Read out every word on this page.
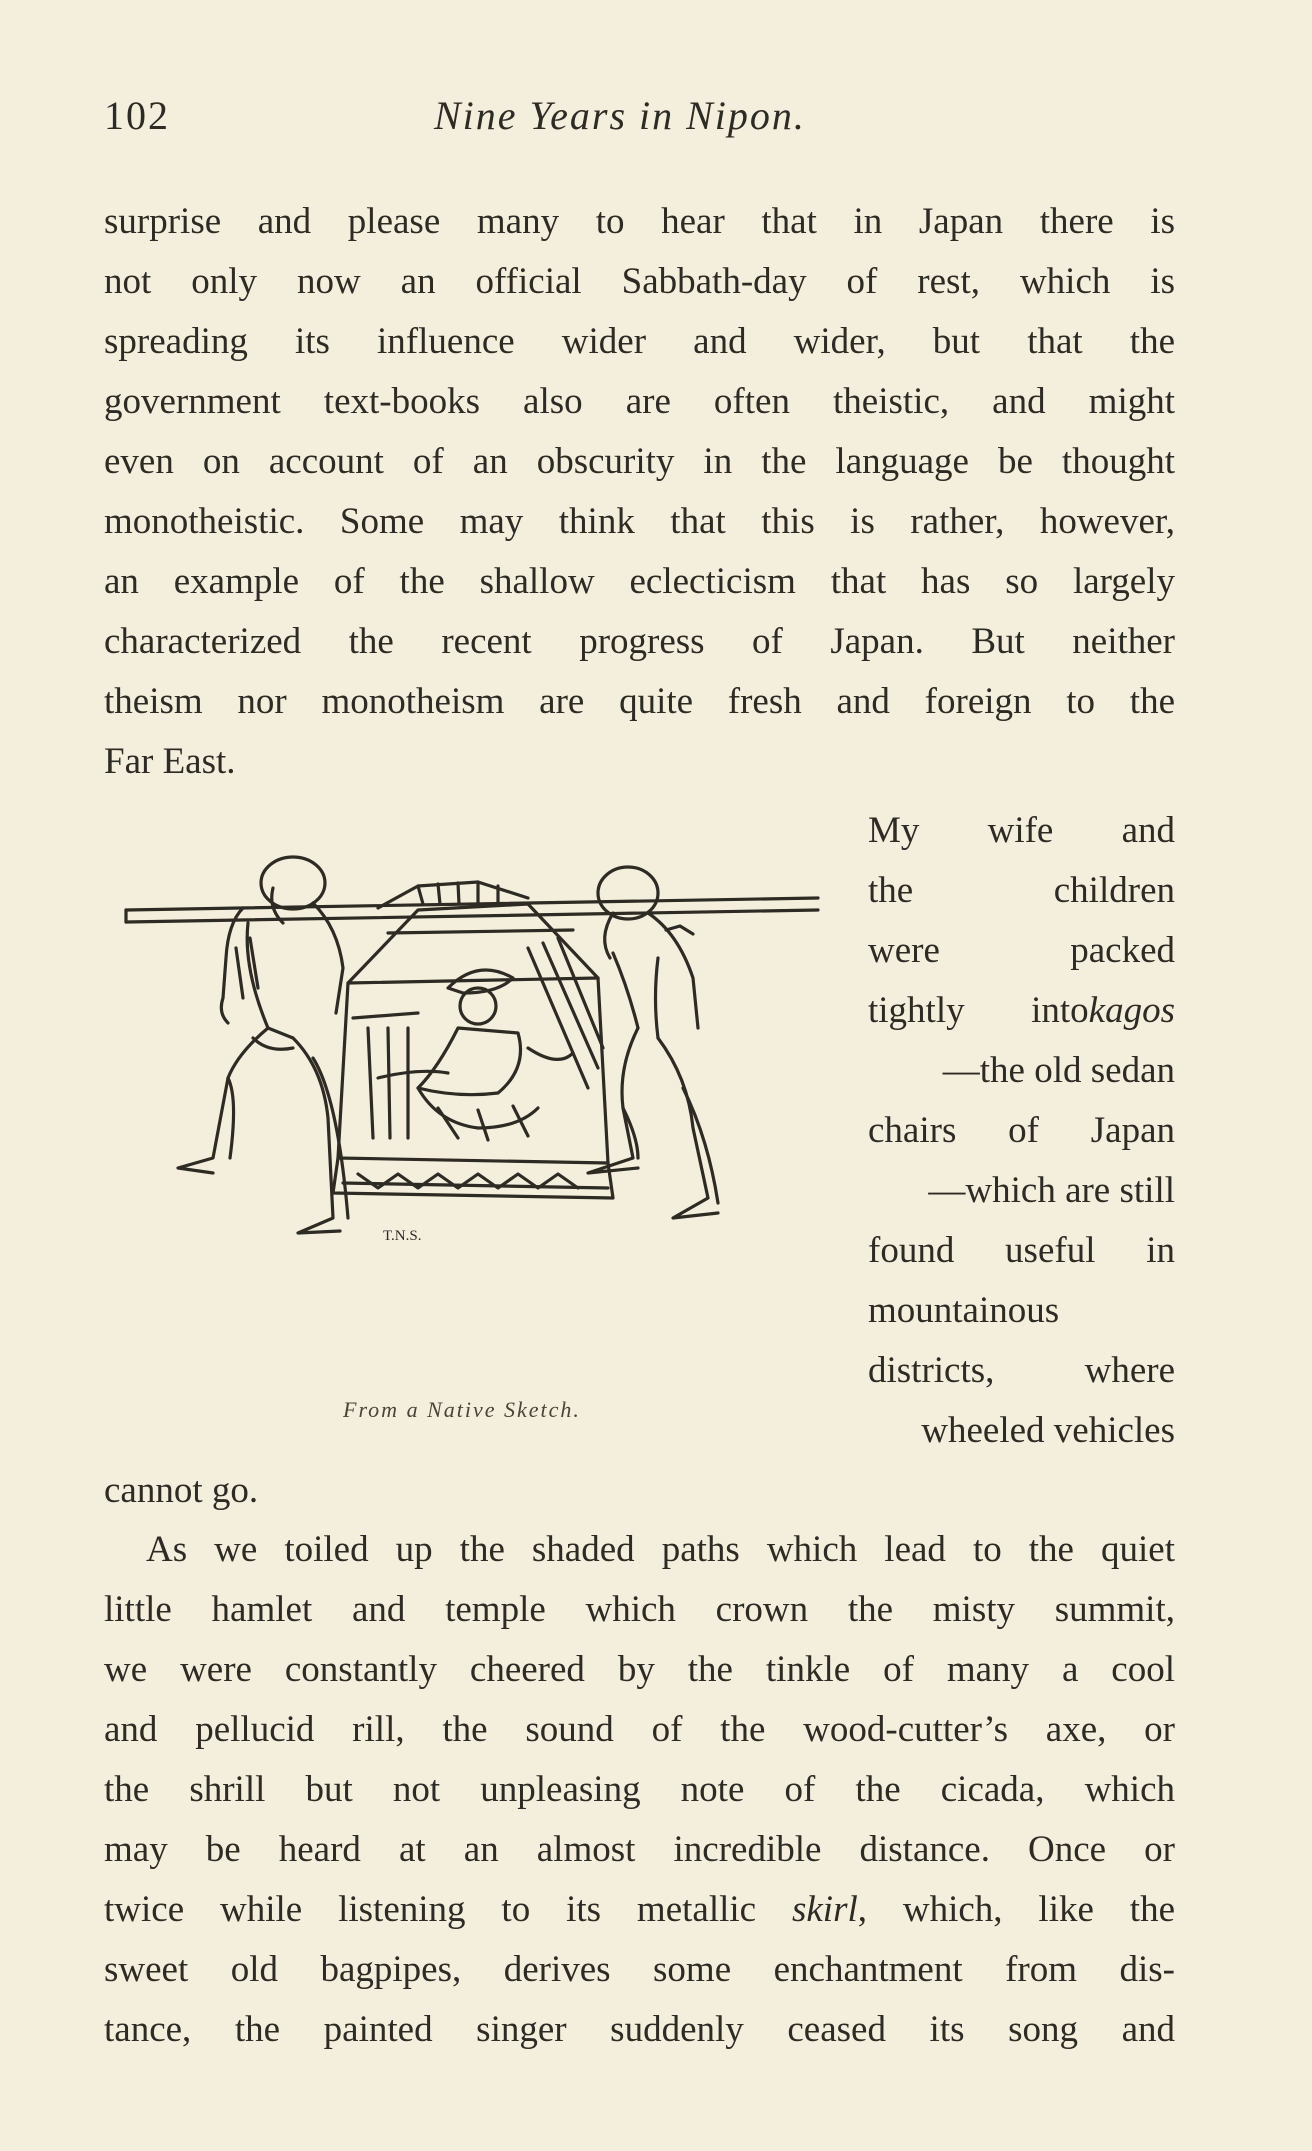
102	Nine Years in Nipon.
surprise and please many to hear that in Japan there is
not only now an official Sabbath-day of rest, which is
spreading its influence wider and wider, but that the
government text-books also are often theistic, and might
even on account of an obscurity in the language be thought
monotheistic. Some may think that this is rather, however,
an example of the shallow eclecticism that has so largely
characterized the recent progress of Japan. But neither
theism nor monotheism are quite fresh and foreign to the
Far East.
My wife and
the children
were packed
tightly intokagos
—the old sedan
chairs of Japan
—which are still
found useful in
mountainous
districts, where
wheeled vehicles
cannot go.
T.N.S.
From a Native Sketch.
As we toiled up the shaded paths which lead to the quiet
little hamlet and temple which crown the misty summit,
we were constantly cheered by the tinkle of many a cool
and pellucid rill, the sound of the wood-cutter’s axe, or
the shrill but not unpleasing note of the cicada, which
may be heard at an almost incredible distance. Once or
twice while listening to its metallic skirl, which, like the
sweet old bagpipes, derives some enchantment from dis-
tance, the painted singer suddenly ceased its song and
